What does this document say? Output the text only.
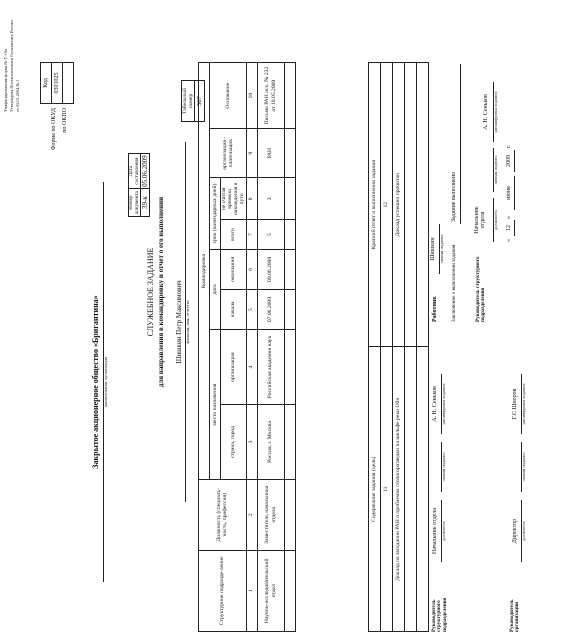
Унифицированная форма № Т-10а Утверждена Постановлением Госкомстата России от 05.01.2004 № 1	Код
0301025

Форма по ОКУД по ОКПО
Закрытое акционерное общество «Бригантина» наименование организации
Номер документа	Дата составления
39-к	05.06.2009
СЛУЖЕБНОЕ ЗАДАНИЕ для направления в командировку и отчет о его выполнении
Табельный номер
567
Шишкин Петр Максимович фамилия, имя, отчество
Структурное подразде-ление	Должность (специаль-ность, профессия)	Командировка							
		место назначения		дата		срок (календарных дней)		организация - плательщик	Основание

		страна, город	организация	начала	окончания	всего	не считая времени нахождения в пути		
1	2	3	4	5	6	7	8	9	10
Научно-исследовательский отдел	Заместитель начальника отдела	Россия, г. Москва	Российская академия наук	07.06.2009	09.06.2009	5	3	РАН	Письмо РАН исх. № 232 от 18.05.2009

Содержание задания (цель)	Краткий отчет о выполнении задания
11	12
Доклад на заседании РАН о проблемах геологоразведки на шельфе реки Оби	Доклад успешно прочитан

Руководитель структурного подразделения
Начальник отдела должность
личная подпись
А. Н. Сеньков расшифровка подписи
Руководитель организации
Директор должность
личная подпись
Г.С Шпоров расшифровка подписи
Работник
Шишкин личная подпись Заключение о выполнении задания
Задание выполнено
Руководитель структурного подразделения
Начальник отдела должность
личная подпись
А. Н. Сеньков расшифровка подписи
«
12
»
июня
2009
г.
